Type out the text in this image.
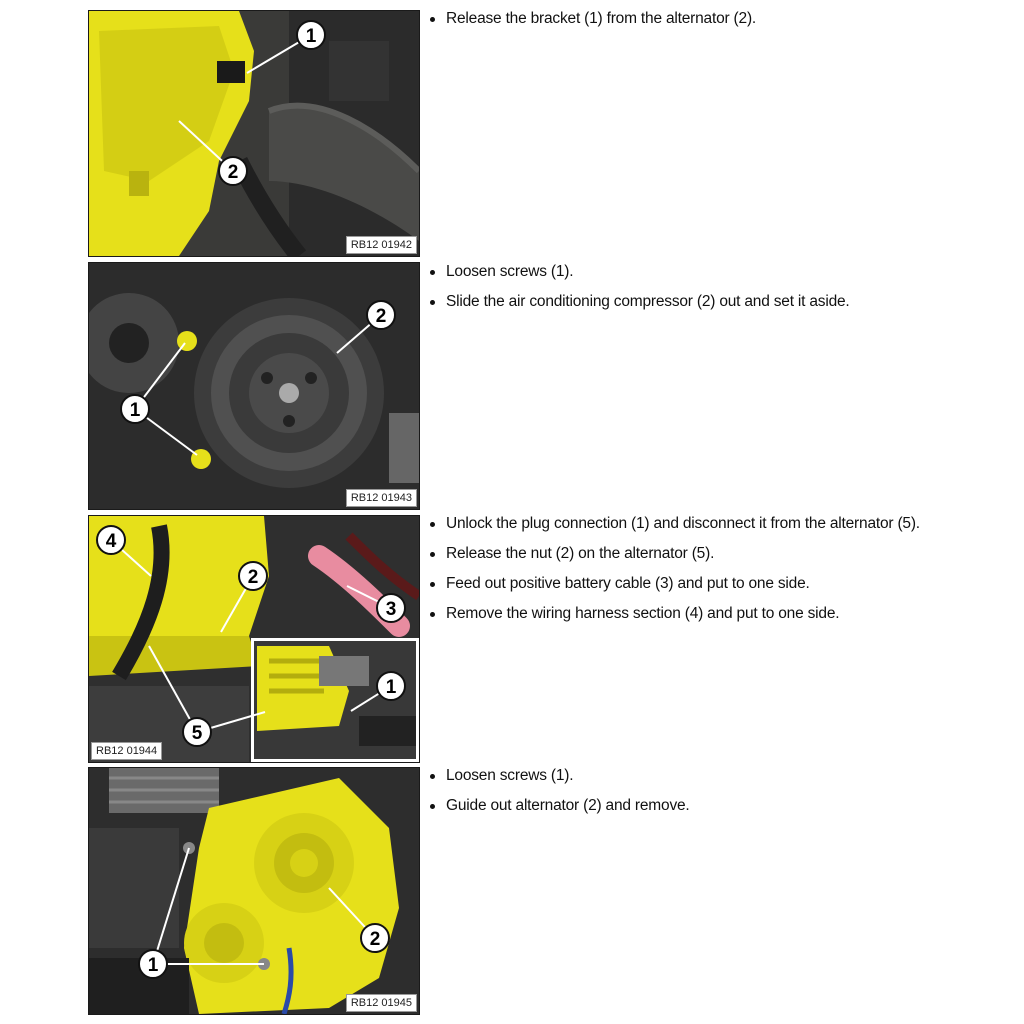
1
2
RB12 01942
Release the bracket (1) from the alternator (2).
1
2
RB12 01943
Loosen screws (1).
Slide the air conditioning compressor (2) out and set it aside.
4
2
3
1
5
RB12 01944
Unlock the plug connection (1) and disconnect it from the alternator (5).
Release the nut (2) on the alternator (5).
Feed out positive battery cable (3) and put to one side.
Remove the wiring harness section (4) and put to one side.
1
2
RB12 01945
Loosen screws (1).
Guide out alternator (2) and remove.
